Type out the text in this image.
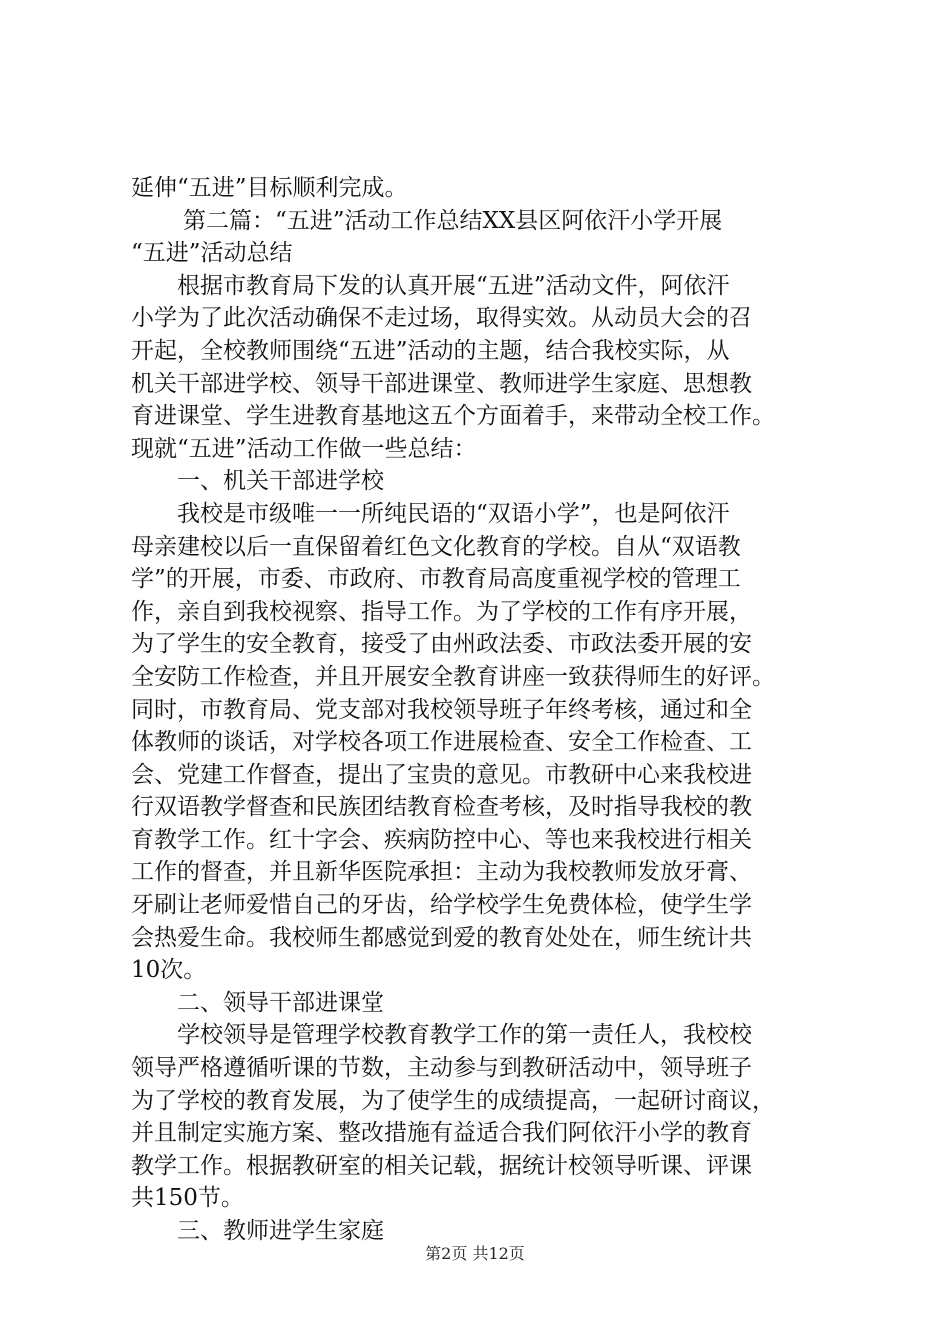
延伸“五进”目标顺利完成。
第二篇：“五进”活动工作总结XX县区阿依汗小学开展
“五进”活动总结
根据市教育局下发的认真开展“五进”活动文件，阿依汗
小学为了此次活动确保不走过场，取得实效。从动员大会的召
开起，全校教师围绕“五进”活动的主题，结合我校实际，从
机关干部进学校、领导干部进课堂、教师进学生家庭、思想教
育进课堂、学生进教育基地这五个方面着手，来带动全校工作。
现就“五进”活动工作做一些总结：
一、机关干部进学校
我校是市级唯一一所纯民语的“双语小学”，也是阿依汗
母亲建校以后一直保留着红色文化教育的学校。自从“双语教
学”的开展，市委、市政府、市教育局高度重视学校的管理工
作，亲自到我校视察、指导工作。为了学校的工作有序开展，
为了学生的安全教育，接受了由州政法委、市政法委开展的安
全安防工作检查，并且开展安全教育讲座一致获得师生的好评。
同时，市教育局、党支部对我校领导班子年终考核，通过和全
体教师的谈话，对学校各项工作进展检查、安全工作检查、工
会、党建工作督查，提出了宝贵的意见。市教研中心来我校进
行双语教学督查和民族团结教育检查考核，及时指导我校的教
育教学工作。红十字会、疾病防控中心、等也来我校进行相关
工作的督查，并且新华医院承担：主动为我校教师发放牙膏、
牙刷让老师爱惜自己的牙齿，给学校学生免费体检，使学生学
会热爱生命。我校师生都感觉到爱的教育处处在，师生统计共
10次。
二、领导干部进课堂
学校领导是管理学校教育教学工作的第一责任人，我校校
领导严格遵循听课的节数，主动参与到教研活动中，领导班子
为了学校的教育发展，为了使学生的成绩提高，一起研讨商议，
并且制定实施方案、整改措施有益适合我们阿依汗小学的教育
教学工作。根据教研室的相关记载，据统计校领导听课、评课
共150节。
三、教师进学生家庭
第2页 共12页
